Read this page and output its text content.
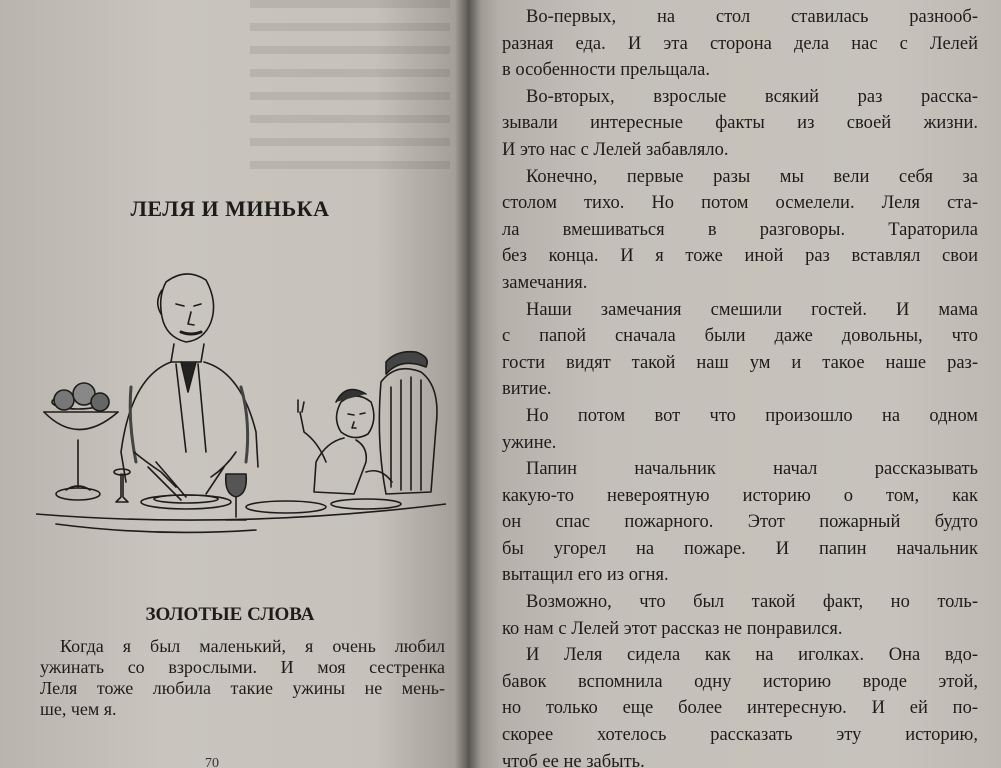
ЛЕЛЯ И МИНЬКА
ЗОЛОТЫЕ СЛОВА
Когда я был маленький, я очень любил
ужинать со взрослыми. И моя сестренка
Леля тоже любила такие ужины не мень-
ше, чем я.
70
Во-первых, на стол ставилась разнооб-
разная еда. И эта сторона дела нас с Лелей
в особенности прельщала.
Во-вторых, взрослые всякий раз расска-
зывали интересные факты из своей жизни.
И это нас с Лелей забавляло.
Конечно, первые разы мы вели себя за
столом тихо. Но потом осмелели. Леля ста-
ла вмешиваться в разговоры. Тараторила
без конца. И я тоже иной раз вставлял свои
замечания.
Наши замечания смешили гостей. И мама
с папой сначала были даже довольны, что
гости видят такой наш ум и такое наше раз-
витие.
Но потом вот что произошло на одном
ужине.
Папин начальник начал рассказывать
какую-то невероятную историю о том, как
он спас пожарного. Этот пожарный будто
бы угорел на пожаре. И папин начальник
вытащил его из огня.
Возможно, что был такой факт, но толь-
ко нам с Лелей этот рассказ не понравился.
И Леля сидела как на иголках. Она вдо-
бавок вспомнила одну историю вроде этой,
но только еще более интересную. И ей по-
скорее хотелось рассказать эту историю,
чтоб ее не забыть.
